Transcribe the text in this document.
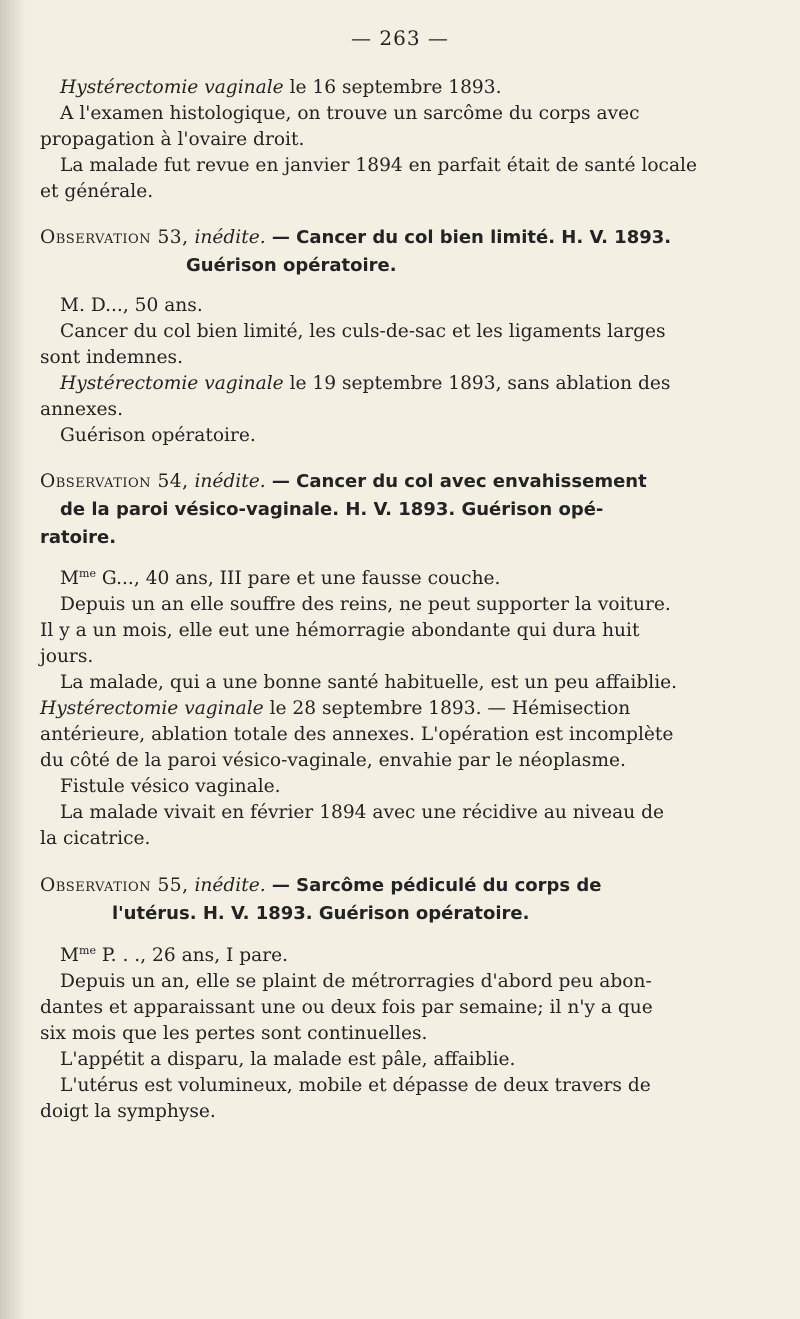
— 263 —
Hystérectomie vaginale le 16 septembre 1893.
A l'examen histologique, on trouve un sarcôme du corps avec
propagation à l'ovaire droit.
La malade fut revue en janvier 1894 en parfait était de santé locale
et générale.
Observation 53, inédite. — Cancer du col bien limité. H. V. 1893.
Guérison opératoire.
M. D..., 50 ans.
Cancer du col bien limité, les culs-de-sac et les ligaments larges
sont indemnes.
Hystérectomie vaginale le 19 septembre 1893, sans ablation des
annexes.
Guérison opératoire.
Observation 54, inédite. — Cancer du col avec envahissement
de la paroi vésico-vaginale. H. V. 1893. Guérison opé-
ratoire.
$M^{me}$ G..., 40 ans, III pare et une fausse couche.
Depuis un an elle souffre des reins, ne peut supporter la voiture.
Il y a un mois, elle eut une hémorragie abondante qui dura huit
jours.
La malade, qui a une bonne santé habituelle, est un peu affaiblie.
Hystérectomie vaginale le 28 septembre 1893. — Hémisection
antérieure, ablation totale des annexes. L'opération est incomplète
du côté de la paroi vésico-vaginale, envahie par le néoplasme.
Fistule vésico vaginale.
La malade vivait en février 1894 avec une récidive au niveau de
la cicatrice.
Observation 55, inédite. — Sarcôme pédiculé du corps de
l'utérus. H. V. 1893. Guérison opératoire.
$M^{me}$ P. . ., 26 ans, I pare.
Depuis un an, elle se plaint de métrorragies d'abord peu abon-
dantes et apparaissant une ou deux fois par semaine; il n'y a que
six mois que les pertes sont continuelles.
L'appétit a disparu, la malade est pâle, affaiblie.
L'utérus est volumineux, mobile et dépasse de deux travers de
doigt la symphyse.
